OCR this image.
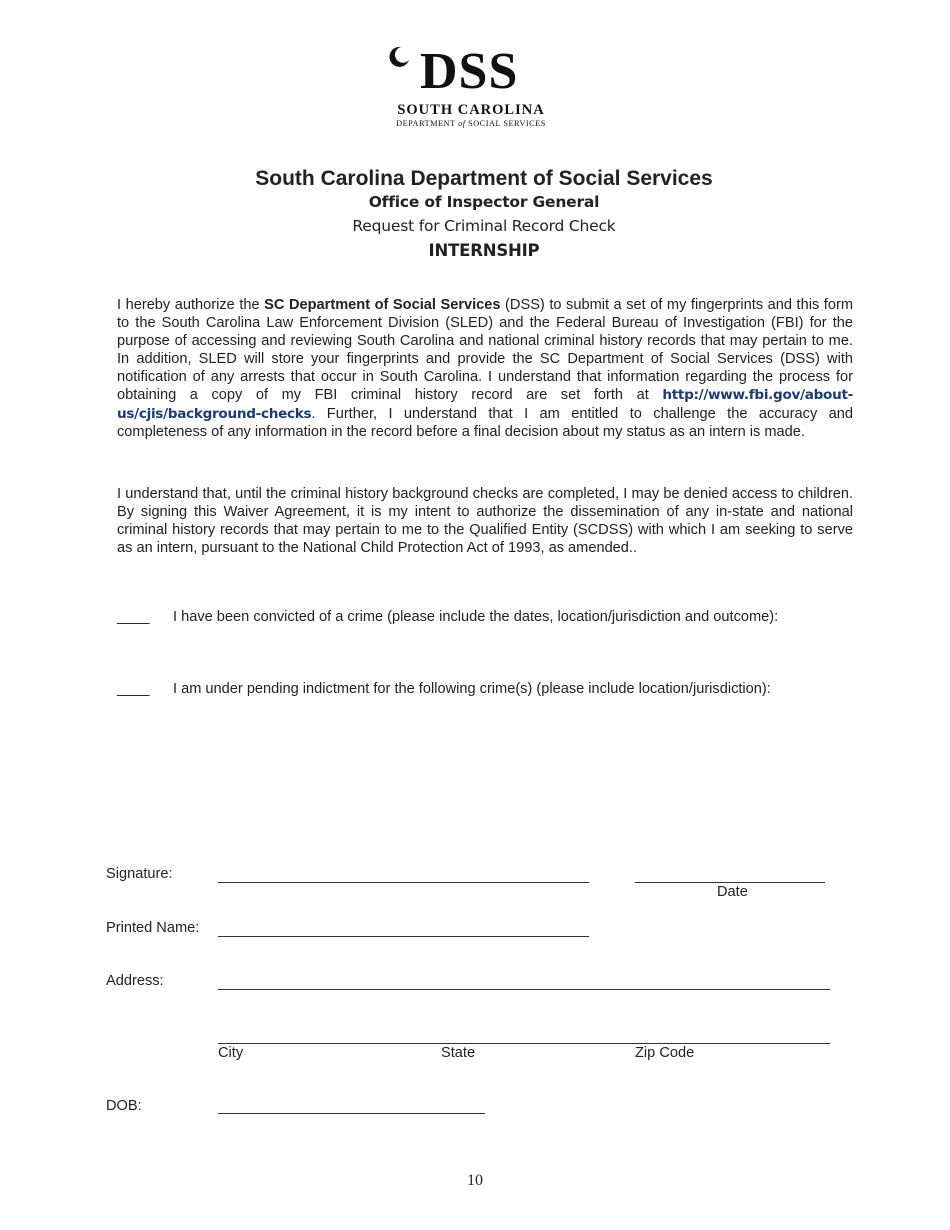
DSS
SOUTH CAROLINA
DEPARTMENT of SOCIAL SERVICES
South Carolina Department of Social Services
Office of Inspector General
Request for Criminal Record Check
INTERNSHIP
I hereby authorize the SC Department of Social Services (DSS) to submit a set of my fingerprints and this form to the South Carolina Law Enforcement Division (SLED) and the Federal Bureau of Investigation (FBI) for the purpose of accessing and reviewing South Carolina and national criminal history records that may pertain to me. In addition, SLED will store your fingerprints and provide the SC Department of Social Services (DSS) with notification of any arrests that occur in South Carolina. I understand that information regarding the process for obtaining a copy of my FBI criminal history record are set forth at http://www.fbi.gov/about-us/cjis/background-checks. Further, I understand that I am entitled to challenge the accuracy and completeness of any information in the record before a final decision about my status as an intern is made.
I understand that, until the criminal history background checks are completed, I may be denied access to children. By signing this Waiver Agreement, it is my intent to authorize the dissemination of any in-state and national criminal history records that may pertain to me to the Qualified Entity (SCDSS) with which I am seeking to serve as an intern, pursuant to the National Child Protection Act of 1993, as amended..
____ I have been convicted of a crime (please include the dates, location/jurisdiction and outcome):
____ I am under pending indictment for the following crime(s) (please include location/jurisdiction):
Signature:
Date
Printed Name:
Address:
City	State	Zip Code
DOB:
10
